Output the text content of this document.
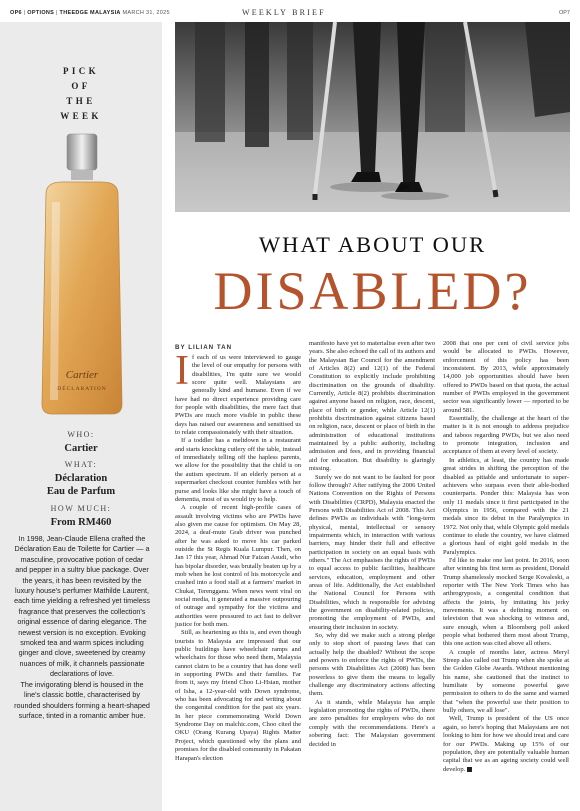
OP6 | OPTIONS | THEEDGE MALAYSIA MARCH 31, 2025	WEEKLY BRIEF	OP7
PICK
OF
THE
WEEK
Cartier
DÉCLARATION
WHO:
Cartier
WHAT:
Déclaration
Eau de Parfum
HOW MUCH:
From RM460
In 1998, Jean-Claude Ellena crafted the Déclaration Eau de Toilette for Cartier — a masculine, provocative potion of cedar and pepper in a sultry blue package. Over the years, it has been revisited by the luxury house's perfumer Mathilde Laurent, each time yielding a refreshed yet timeless fragrance that preserves the collection's original essence of daring elegance. The newest version is no exception. Evoking smoked tea and warm spices including ginger and clove, sweetened by creamy nuances of milk, it channels passionate declarations of love.
The invigorating blend is housed in the line's classic bottle, characterised by rounded shoulders forming a heart-shaped surface, tinted in a romantic amber hue.
WHAT ABOUT OUR
DISABLED?
BY LILIAN TAN

If each of us were interviewed to gauge the level of our empathy for persons with disabilities, I'm quite sure we would score quite well. Malaysians are generally kind and humane. Even if we have had no direct experience providing care for people with disabilities, the mere fact that PWDs are much more visible in public these days has raised our awareness and sensitised us to relate compassionately with their situation.

If a toddler has a meltdown in a restaurant and starts knocking cutlery off the table, instead of immediately telling off the hapless parents, we allow for the possibility that the child is on the autism spectrum. If an elderly person at a supermarket checkout counter fumbles with her purse and looks like she might have a touch of dementia, most of us would try to help.

A couple of recent high-profile cases of assault involving victims who are PWDs have also given me cause for optimism. On May 28, 2024, a deaf-mute Grab driver was punched after he was asked to move his car parked outside the St Regis Kuala Lumpur. Then, on Jan 17 this year, Ahmad Nur Faizan Asudi, who has bipolar disorder, was brutally beaten up by a mob when he lost control of his motorcycle and crashed into a food stall at a farmers' market in Chukai, Terengganu. When news went viral on social media, it generated a massive outpouring of outrage and sympathy for the victims and authorities were pressured to act fast to deliver justice for both men.

Still, as heartening as this is, and even though tourists to Malaysia are impressed that our public buildings have wheelchair ramps and wheelchairs for those who need them, Malaysia cannot claim to be a country that has done well in supporting PWDs and their families. Far from it, says my friend Choo Li-Hsian, mother of Isha, a 12-year-old with Down syndrome, who has been advocating for and writing about the congenital condition for the past six years. In her piece commemorating World Down Syndrome Day on malchic.com, Choo cited the OKU (Orang Kurang Upaya) Rights Matter Project, which questioned why the plans and promises for the disabled community in Pakatan Harapan's election

manifesto have yet to materialise even after two years. She also echoed the call of its authors and the Malaysian Bar Council for the amendment of Articles 8(2) and 12(1) of the Federal Constitution to explicitly include prohibiting discrimination on the grounds of disability. Currently, Article 8(2) prohibits discrimination against anyone based on religion, race, descent, place of birth or gender, while Article 12(1) prohibits discrimination against citizens based on religion, race, descent or place of birth in the administration of educational institutions maintained by a public authority, including admission and fees, and in providing financial aid for education. But disability is glaringly missing.

Surely we do not want to be faulted for poor follow through? After ratifying the 2006 United Nations Convention on the Rights of Persons with Disabilities (CRPD), Malaysia enacted the Persons with Disabilities Act of 2008. This Act defines PWDs as individuals with "long-term physical, mental, intellectual or sensory impairments which, in interaction with various barriers, may hinder their full and effective participation in society on an equal basis with others." The Act emphasises the rights of PWDs to equal access to public facilities, healthcare services, education, employment and other areas of life. Additionally, the Act established the National Council for Persons with Disabilities, which is responsible for advising the government on disability-related policies, promoting the employment of PWDs, and ensuring their inclusion in society.

So, why did we make such a strong pledge only to stop short of passing laws that can actually help the disabled? Without the scope and powers to enforce the rights of PWDs, the persons with Disabilities Act (2008) has been powerless to give them the means to legally challenge any discriminatory actions affecting them.

As it stands, while Malaysia has ample legislation promoting the rights of PWDs, there are zero penalties for employers who do not comply with the recommendations. Here's a sobering fact: The Malaysian government decided in

2008 that one per cent of civil service jobs would be allocated to PWDs. However, enforcement of this policy has been inconsistent. By 2013, while approximately 14,000 job opportunities should have been offered to PWDs based on that quota, the actual number of PWDs employed in the government sector was significantly lower — reported to be around 581.

Essentially, the challenge at the heart of the matter is it is not enough to address prejudice and taboos regarding PWDs, but we also need to promote integration, inclusion and acceptance of them at every level of society.

In athletics, at least, the country has made great strides in shifting the perception of the disabled as pitiable and unfortunate to super-achievers who surpass even their able-bodied counterparts. Ponder this: Malaysia has won only 11 medals since it first participated in the Olympics in 1956, compared with the 21 medals since its debut in the Paralympics in 1972. Not only that, while Olympic gold medals continue to elude the country, we have claimed a glorious haul of eight gold medals in the Paralympics.

I'd like to make one last point. In 2016, soon after winning his first term as president, Donald Trump shamelessly mocked Serge Kovaleski, a reporter with The New York Times who has arthrogryposis, a congenital condition that affects the joints, by imitating his jerky movements. It was a defining moment on television that was shocking to witness and, sure enough, when a Bloomberg poll asked people what bothered them most about Trump, this one action was cited above all others.

A couple of months later, actress Meryl Streep also called out Trump when she spoke at the Golden Globe Awards. Without mentioning his name, she cautioned that the instinct to humiliate by someone powerful gave permission to others to do the same and warned that "when the powerful use their position to bully others, we all lose".

Well, Trump is president of the US once again, so here's hoping that Malaysians are not looking to him for how we should treat and care for our PWDs. Making up 15% of our population, they are potentially valuable human capital that we as an ageing society could well develop.
